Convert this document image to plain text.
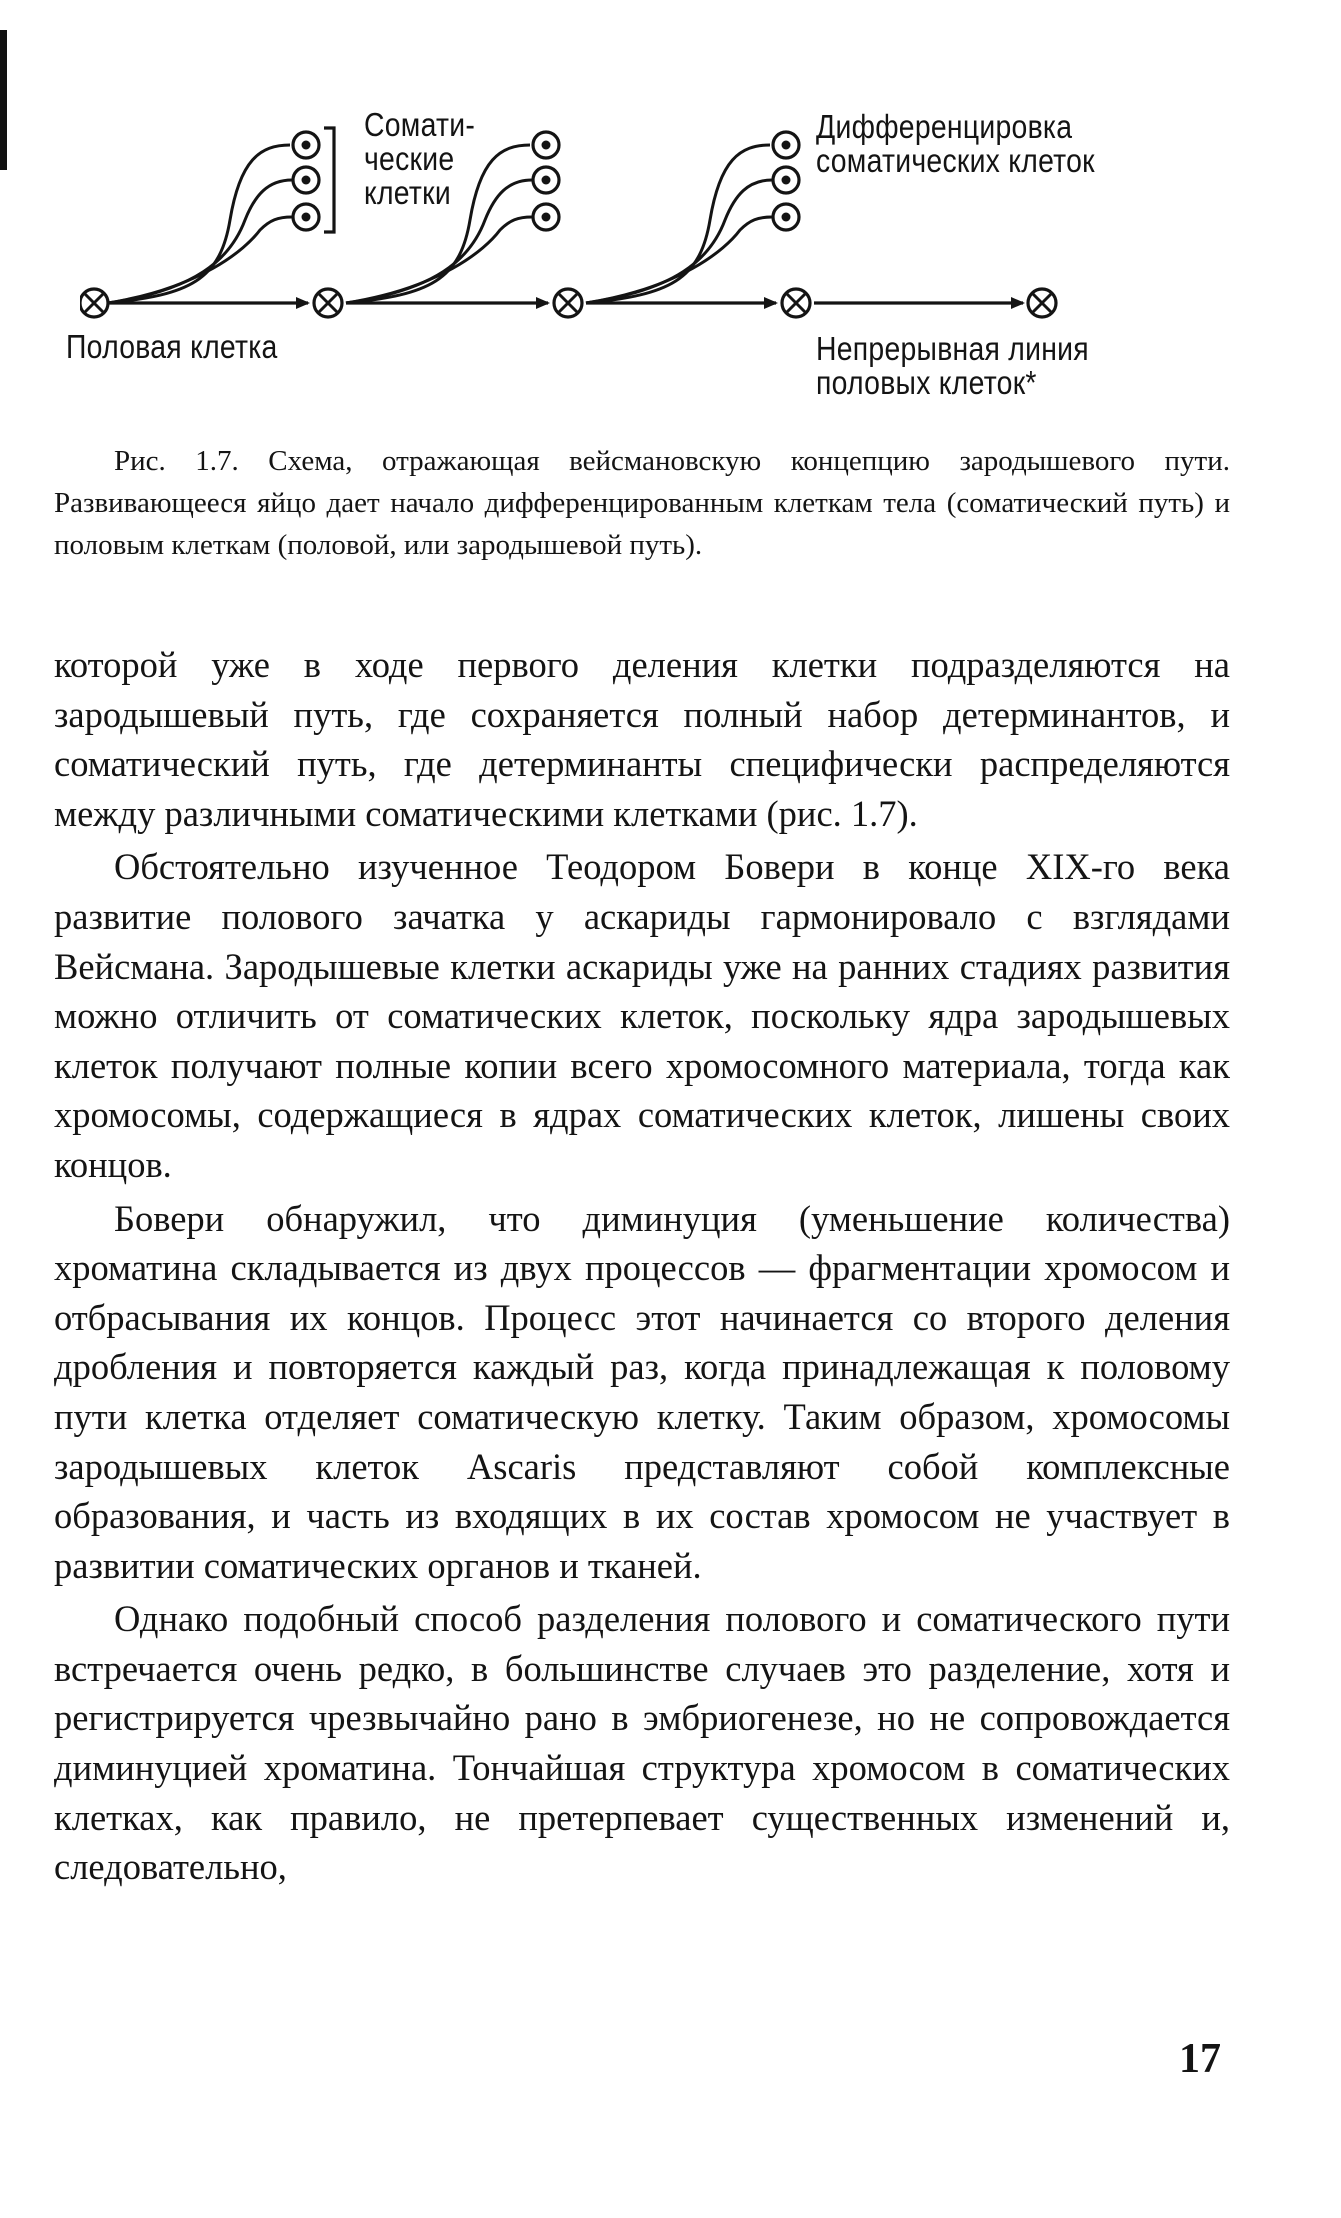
Сомати-
ческие
клетки
Дифференцировка
соматических клеток
Половая клетка	Непрерывная линия
половых клеток*
Рис. 1.7. Схема, отражающая вейсмановскую концепцию зародышевого пути. Развивающееся яйцо дает начало дифференцированным клеткам тела (соматический путь) и половым клеткам (половой, или зародышевой путь).

которой уже в ходе первого деления клетки подразделяются на зародышевый путь, где сохраняется полный набор детерминантов, и соматический путь, где детерминанты специфически распределяются между различными соматическими клетками (рис. 1.7).

Обстоятельно изученное Теодором Бовери в конце XIX-го века развитие полового зачатка у аскариды гармонировало с взглядами Вейсмана. Зародышевые клетки аскариды уже на ранних стадиях развития можно отличить от соматических клеток, поскольку ядра зародышевых клеток получают полные копии всего хромосомного материала, тогда как хромосомы, содержащиеся в ядрах соматических клеток, лишены своих концов.

Бовери обнаружил, что диминуция (уменьшение количества) хроматина складывается из двух процессов — фрагментации хромосом и отбрасывания их концов. Процесс этот начинается со второго деления дробления и повторяется каждый раз, когда принадлежащая к половому пути клетка отделяет соматическую клетку. Таким образом, хромосомы зародышевых клеток Ascaris представляют собой комплексные образования, и часть из входящих в их состав хромосом не участвует в развитии соматических органов и тканей.

Однако подобный способ разделения полового и соматического пути встречается очень редко, в большинстве случаев это разделение, хотя и регистрируется чрезвычайно рано в эмбриогенезе, но не сопровождается диминуцией хроматина. Тончайшая структура хромосом в соматических клетках, как правило, не претерпевает существенных изменений и, следовательно,

17
